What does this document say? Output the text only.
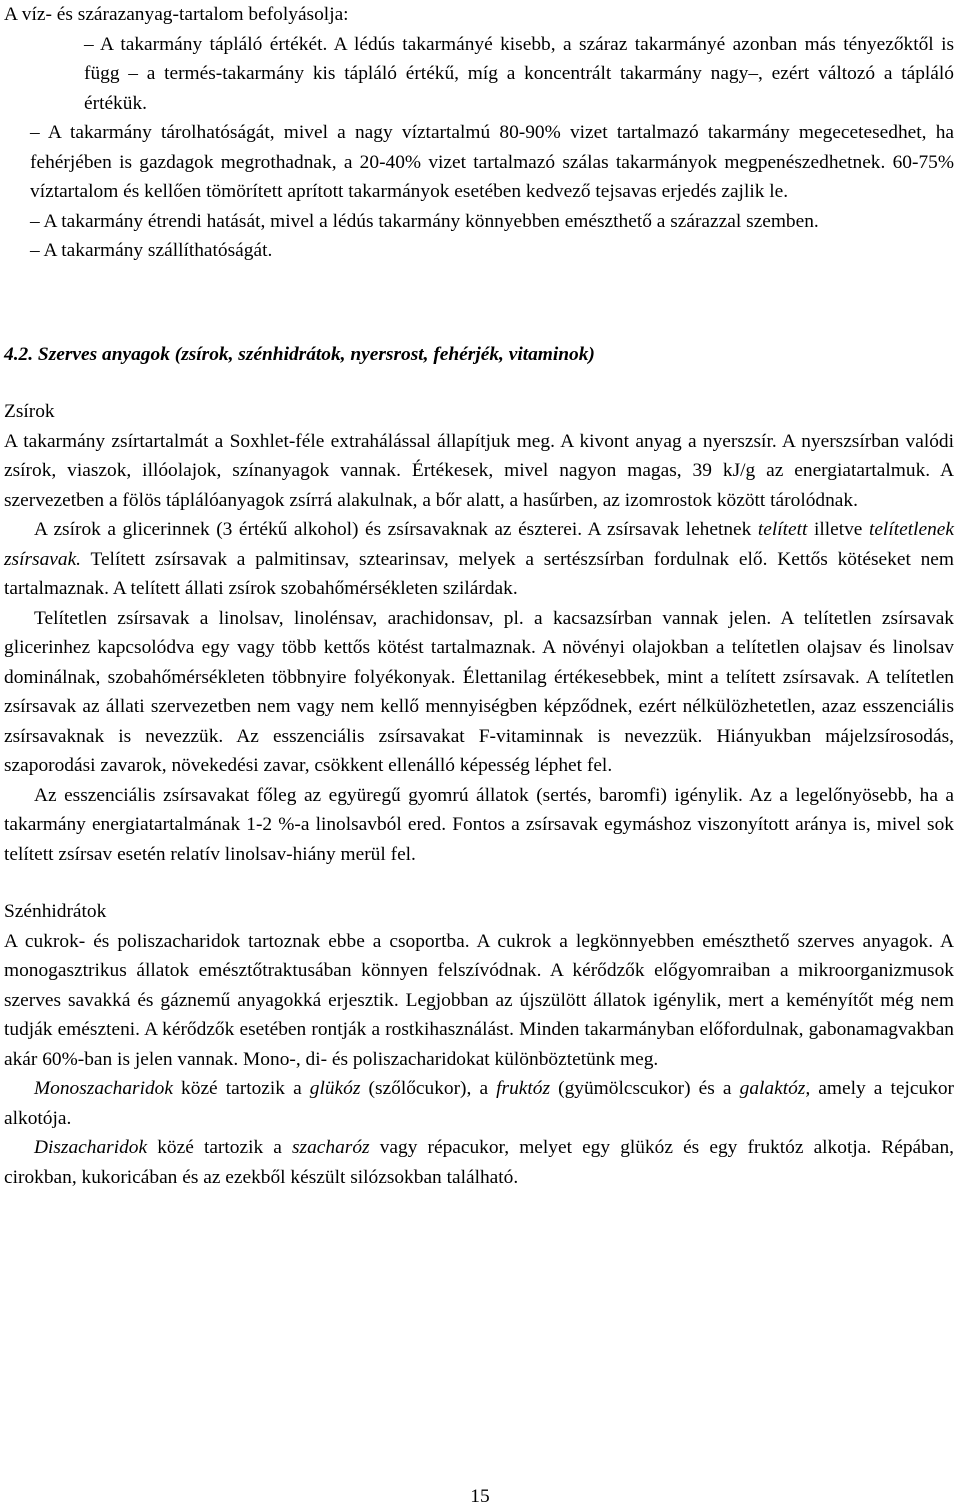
A víz- és szárazanyag-tartalom befolyásolja:

– A takarmány tápláló értékét. A lédús takarmányé kisebb, a száraz takarmányé azonban más tényezőktől is függ – a termés-takarmány kis tápláló értékű, míg a koncentrált takarmány nagy–, ezért változó a tápláló értékük.

– A takarmány tárolhatóságát, mivel a nagy víztartalmú 80-90% vizet tartalmazó takarmány megecetesedhet, ha fehérjében is gazdagok megrothadnak, a 20-40% vizet tartalmazó szálas takarmányok megpenészedhetnek. 60-75% víztartalom és kellően tömörített aprított takarmányok esetében kedvező tejsavas erjedés zajlik le.

– A takarmány étrendi hatását, mivel a lédús takarmány könnyebben emészthető a szárazzal szemben.

– A takarmány szállíthatóságát.

4.2. Szerves anyagok (zsírok, szénhidrátok, nyersrost, fehérjék, vitaminok)

Zsírok

A takarmány zsírtartalmát a Soxhlet-féle extrahálással állapítjuk meg. A kivont anyag a nyerszsír. A nyerszsírban valódi zsírok, viaszok, illóolajok, színanyagok vannak. Értékesek, mivel nagyon magas, 39 kJ/g az energiatartalmuk. A szervezetben a fölös táplálóanyagok zsírrá alakulnak, a bőr alatt, a hasűrben, az izomrostok között tárolódnak.

A zsírok a glicerinnek (3 értékű alkohol) és zsírsavaknak az észterei. A zsírsavak lehetnek telített illetve telítetlenek zsírsavak. Telített zsírsavak a palmitinsav, sztearinsav, melyek a sertészsírban fordulnak elő. Kettős kötéseket nem tartalmaznak. A telített állati zsírok szobahőmérsékleten szilárdak.

Telítetlen zsírsavak a linolsav, linolénsav, arachidonsav, pl. a kacsazsírban vannak jelen. A telítetlen zsírsavak glicerinhez kapcsolódva egy vagy több kettős kötést tartalmaznak. A növényi olajokban a telítetlen olajsav és linolsav dominálnak, szobahőmérsékleten többnyire folyékonyak. Élettanilag értékesebbek, mint a telített zsírsavak. A telítetlen zsírsavak az állati szervezetben nem vagy nem kellő mennyiségben képződnek, ezért nélkülözhetetlen, azaz esszenciális zsírsavaknak is nevezzük. Az esszenciális zsírsavakat F-vitaminnak is nevezzük. Hiányukban májelzsírosodás, szaporodási zavarok, növekedési zavar, csökkent ellenálló képesség léphet fel.

Az esszenciális zsírsavakat főleg az együregű gyomrú állatok (sertés, baromfi) igénylik. Az a legelőnyösebb, ha a takarmány energiatartalmának 1-2 %-a linolsavból ered. Fontos a zsírsavak egymáshoz viszonyított aránya is, mivel sok telített zsírsav esetén relatív linolsav-hiány merül fel.

Szénhidrátok

A cukrok- és poliszacharidok tartoznak ebbe a csoportba. A cukrok a legkönnyebben emészthető szerves anyagok. A monogasztrikus állatok emésztőtraktusában könnyen felszívódnak. A kérődzők előgyomraiban a mikroorganizmusok szerves savakká és gáznemű anyagokká erjesztik. Legjobban az újszülött állatok igénylik, mert a keményítőt még nem tudják emészteni. A kérődzők esetében rontják a rostkihasználást. Minden takarmányban előfordulnak, gabonamagvakban akár 60%-ban is jelen vannak. Mono-, di- és poliszacharidokat különböztetünk meg.

Monoszacharidok közé tartozik a glükóz (szőlőcukor), a fruktóz (gyümölcscukor) és a galaktóz, amely a tejcukor alkotója.

Diszacharidok közé tartozik a szacharóz vagy répacukor, melyet egy glükóz és egy fruktóz alkotja. Répában, cirokban, kukoricában és az ezekből készült silózsokban található.

15
